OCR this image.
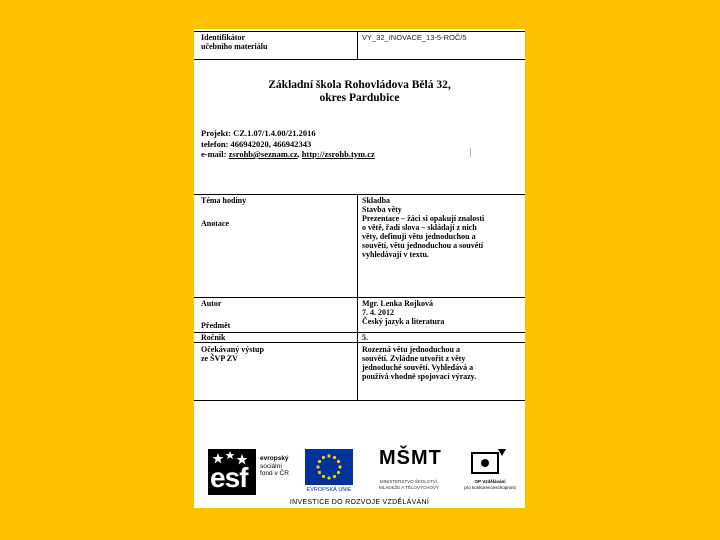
Identifikátor
učebního materiálu
VY_32_INOVACE_13-5-ROČ/5
Základní škola Rohovládova Bělá 32,
okres Pardubice
Projekt: CZ.1.07/1.4.00/21.2016
telefon: 466942020, 466942343
e-mail: zsrohb@seznam.cz, http://zsrohb.tym.cz
Téma hodiny
Anotace
Skladba
Stavba věty
Prezentace – žáci si opakují znalosti
o větě, řadí slova – skládají z nich
věty, definují větu jednoduchou a
souvětí, větu jednoduchou a souvětí
vyhledávají v textu.
Autor
Předmět
Mgr. Lenka Rojková
7. 4. 2012
Český jazyk a literatura
Ročník	5.
Očekávaný výstup
ze ŠVP ZV
Rozezná větu jednoduchou a
souvětí. Zvládne utvořit z věty
jednoduché souvětí. Vyhledává a
používá vhodné spojovací výrazy.
esf
evropský
sociální
fond v ČR
EVROPSKÁ UNIE
MŠMT
MINISTERSTVO ŠKOLSTVÍ,
MLÁDEŽE A TĚLOVÝCHOVY
OP Vzdělávání
pro konkurenceschopnost
INVESTICE DO ROZVOJE VZDĚLÁVÁNÍ
